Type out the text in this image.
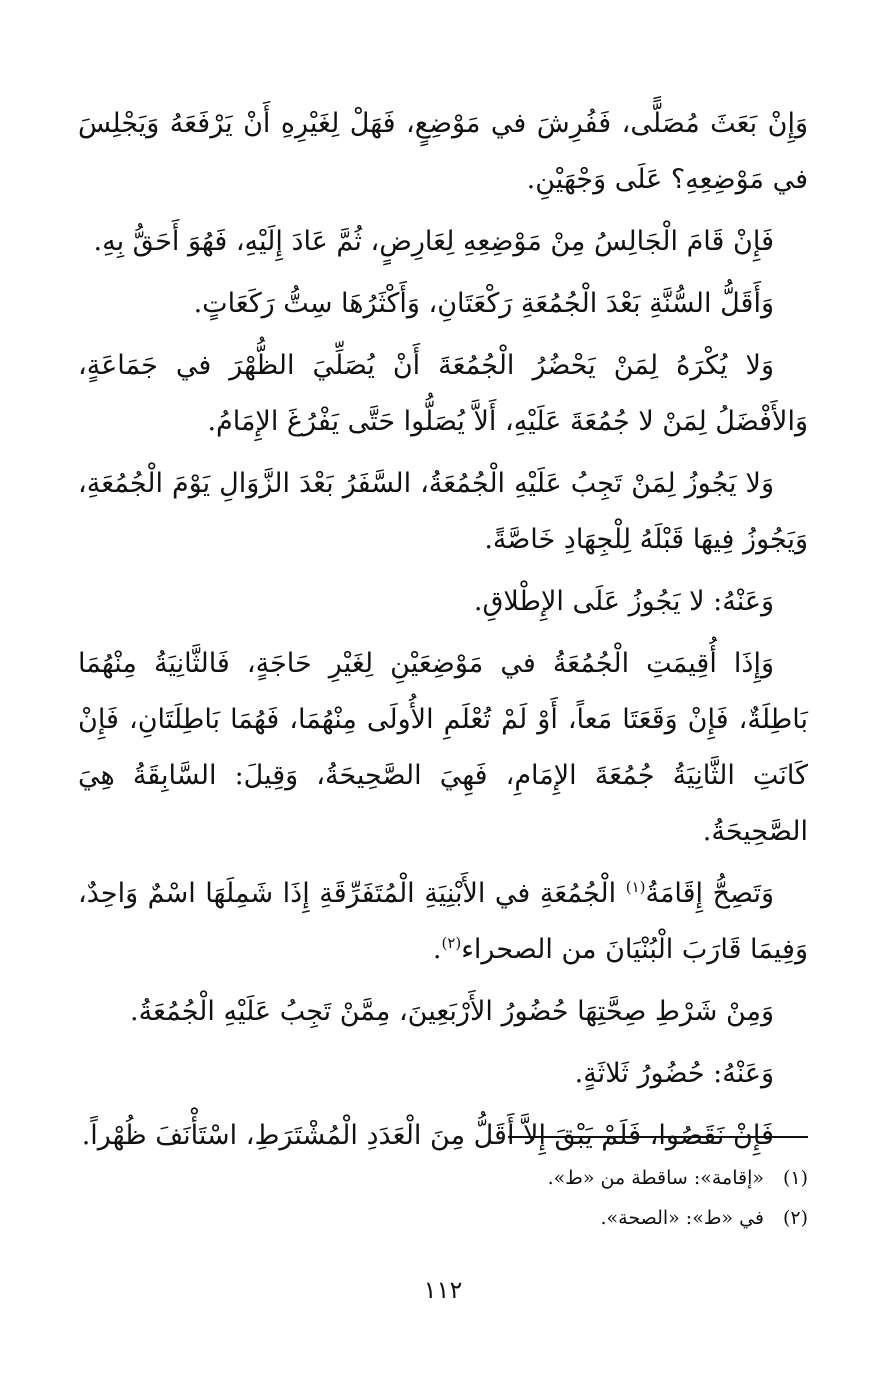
وَإِنْ بَعَثَ مُصَلًّى، فَفُرِشَ في مَوْضِعٍ، فَهَلْ لِغَيْرِهِ أَنْ يَرْفَعَهُ وَيَجْلِسَ في مَوْضِعِهِ؟ عَلَى وَجْهَيْنِ.

فَإِنْ قَامَ الْجَالِسُ مِنْ مَوْضِعِهِ لِعَارِضٍ، ثُمَّ عَادَ إِلَيْهِ، فَهُوَ أَحَقُّ بِهِ.

وَأَقَلُّ السُّنَّةِ بَعْدَ الْجُمُعَةِ رَكْعَتَانِ، وَأَكْثَرُهَا سِتُّ رَكَعَاتٍ.

وَلا يُكْرَهُ لِمَنْ يَحْضُرُ الْجُمُعَةَ أَنْ يُصَلِّيَ الظُّهْرَ في جَمَاعَةٍ، وَالأَفْضَلُ لِمَنْ لا جُمُعَةَ عَلَيْهِ، أَلاَّ يُصَلُّوا حَتَّى يَفْرُغَ الإِمَامُ.

وَلا يَجُوزُ لِمَنْ تَجِبُ عَلَيْهِ الْجُمُعَةُ، السَّفَرُ بَعْدَ الزَّوَالِ يَوْمَ الْجُمُعَةِ، وَيَجُوزُ فِيهَا قَبْلَهُ لِلْجِهَادِ خَاصَّةً.

وَعَنْهُ: لا يَجُوزُ عَلَى الإِطْلاقِ.

وَإِذَا أُقِيمَتِ الْجُمُعَةُ في مَوْضِعَيْنِ لِغَيْرِ حَاجَةٍ، فَالثَّانِيَةُ مِنْهُمَا بَاطِلَةٌ، فَإِنْ وَقَعَتَا مَعاً، أَوْ لَمْ تُعْلَمِ الأُولَى مِنْهُمَا، فَهُمَا بَاطِلَتَانِ، فَإِنْ كَانَتِ الثَّانِيَةُ جُمُعَةَ الإِمَامِ، فَهِيَ الصَّحِيحَةُ، وَقِيلَ: السَّابِقَةُ هِيَ الصَّحِيحَةُ.

وَتَصِحُّ إِقَامَةُ$^{(١)}$ الْجُمُعَةِ في الأَبْنِيَةِ الْمُتَفَرِّقَةِ إِذَا شَمِلَهَا اسْمٌ وَاحِدٌ، وَفِيمَا قَارَبَ الْبُنْيَانَ من الصحراء$^{(٢)}$.

وَمِنْ شَرْطِ صِحَّتِهَا حُضُورُ الأَرْبَعِينَ، مِمَّنْ تَجِبُ عَلَيْهِ الْجُمُعَةُ.

وَعَنْهُ: حُضُورُ ثَلاثَةٍ.

فَإِنْ نَقَصُوا، فَلَمْ يَبْقَ إِلاَّ أَقَلُّ مِنَ الْعَدَدِ الْمُشْتَرَطِ، اسْتَأْنَفَ ظُهْراً.

(١)«إقامة»: ساقطة من «ط».

(٢)في «ط»: «الصحة».

١١٢
